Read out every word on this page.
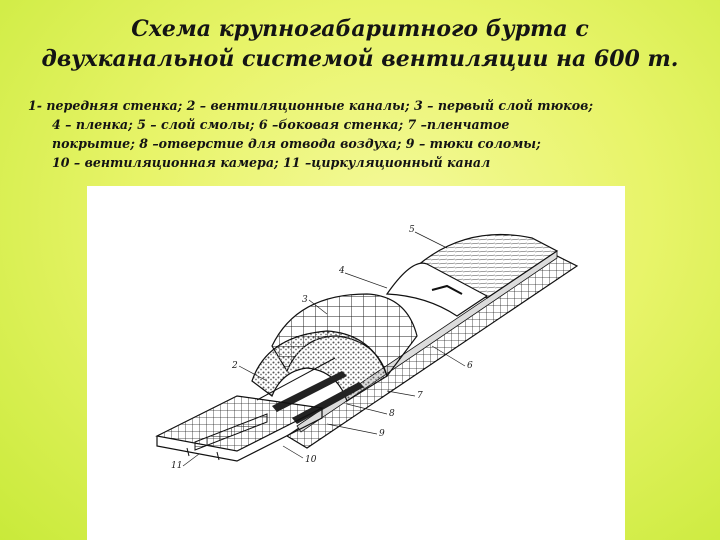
Схема крупногабаритного бурта с
двухканальной системой вентиляции на 600 т.
1- передняя стенка; 2 – вентиляционные каналы; 3 – первый слой тюков;
4 – пленка; 5 – слой смолы; 6 –боковая стенка; 7 –пленчатое
покрытие; 8 –отверстие для отвода воздуха; 9 – тюки соломы;
10 – вентиляционная камера; 11 –циркуляционный канал
5
4
3
2	6
7
8
9
11
10
